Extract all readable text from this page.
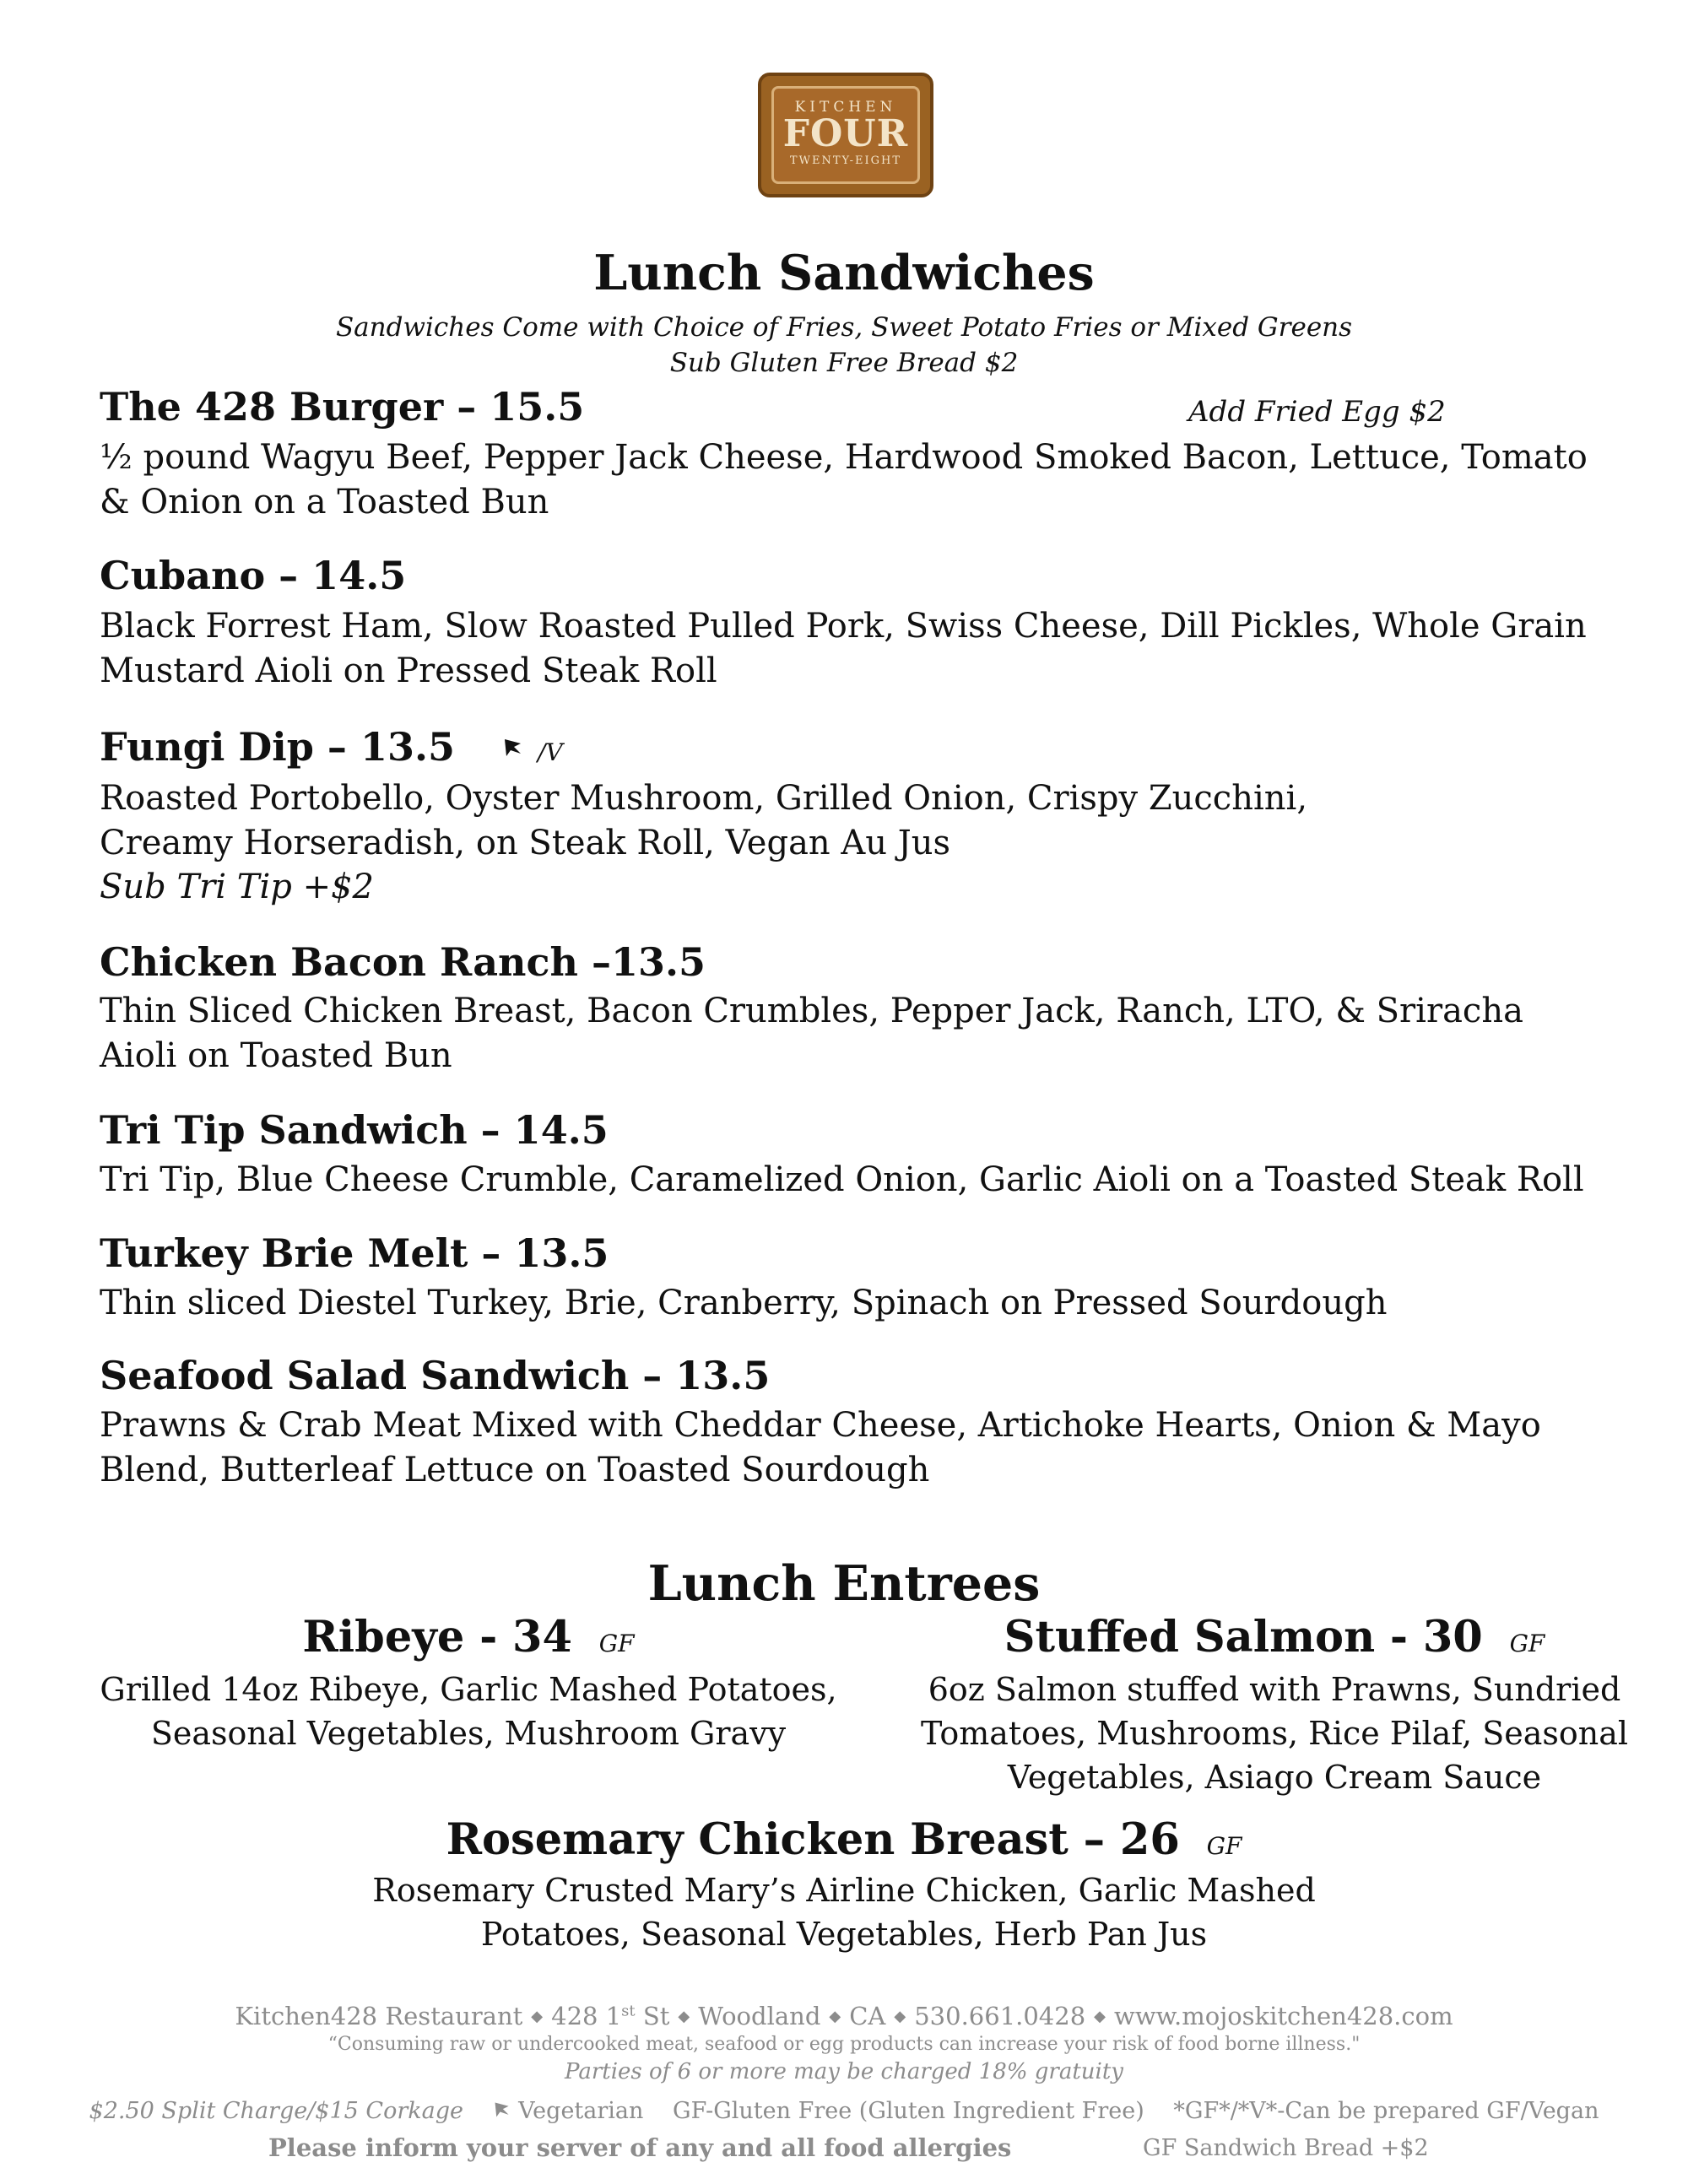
KITCHEN
FOUR
TWENTY-EIGHT
Lunch Sandwiches
Sandwiches Come with Choice of Fries, Sweet Potato Fries or Mixed Greens
Sub Gluten Free Bread $2
The 428 Burger – 15.5	Add Fried Egg $2
½ pound Wagyu Beef, Pepper Jack Cheese, Hardwood Smoked Bacon, Lettuce, Tomato & Onion on a Toasted Bun
Cubano – 14.5
Black Forrest Ham, Slow Roasted Pulled Pork, Swiss Cheese, Dill Pickles, Whole Grain Mustard Aioli on Pressed Steak Roll
Fungi Dip – 13.5	/V
Roasted Portobello, Oyster Mushroom, Grilled Onion, Crispy Zucchini,
Creamy Horseradish, on Steak Roll, Vegan Au Jus
Sub Tri Tip +$2
Chicken Bacon Ranch –13.5
Thin Sliced Chicken Breast, Bacon Crumbles, Pepper Jack, Ranch, LTO, & Sriracha Aioli on Toasted Bun
Tri Tip Sandwich – 14.5
Tri Tip, Blue Cheese Crumble, Caramelized Onion, Garlic Aioli on a Toasted Steak Roll
Turkey Brie Melt – 13.5
Thin sliced Diestel Turkey, Brie, Cranberry, Spinach on Pressed Sourdough
Seafood Salad Sandwich – 13.5
Prawns & Crab Meat Mixed with Cheddar Cheese, Artichoke Hearts, Onion & Mayo Blend, Butterleaf Lettuce on Toasted Sourdough
Lunch Entrees
Ribeye - 34 GF
Grilled 14oz Ribeye, Garlic Mashed Potatoes,
Seasonal Vegetables, Mushroom Gravy
Stuffed Salmon - 30 GF
6oz Salmon stuffed with Prawns, Sundried
Tomatoes, Mushrooms, Rice Pilaf, Seasonal
Vegetables, Asiago Cream Sauce
Rosemary Chicken Breast – 26 GF
Rosemary Crusted Mary’s Airline Chicken, Garlic Mashed
Potatoes, Seasonal Vegetables, Herb Pan Jus
Kitchen428 Restaurant ◆ 428 1st St ◆ Woodland ◆ CA ◆ 530.661.0428 ◆ www.mojoskitchen428.com
“Consuming raw or undercooked meat, seafood or egg products can increase your risk of food borne illness."
Parties of 6 or more may be charged 18% gratuity
$2.50 Split Charge/$15 Corkage Vegetarian GF-Gluten Free (Gluten Ingredient Free) *GF*/*V*-Can be prepared GF/Vegan
Please inform your server of any and all food allergies	GF Sandwich Bread +$2
